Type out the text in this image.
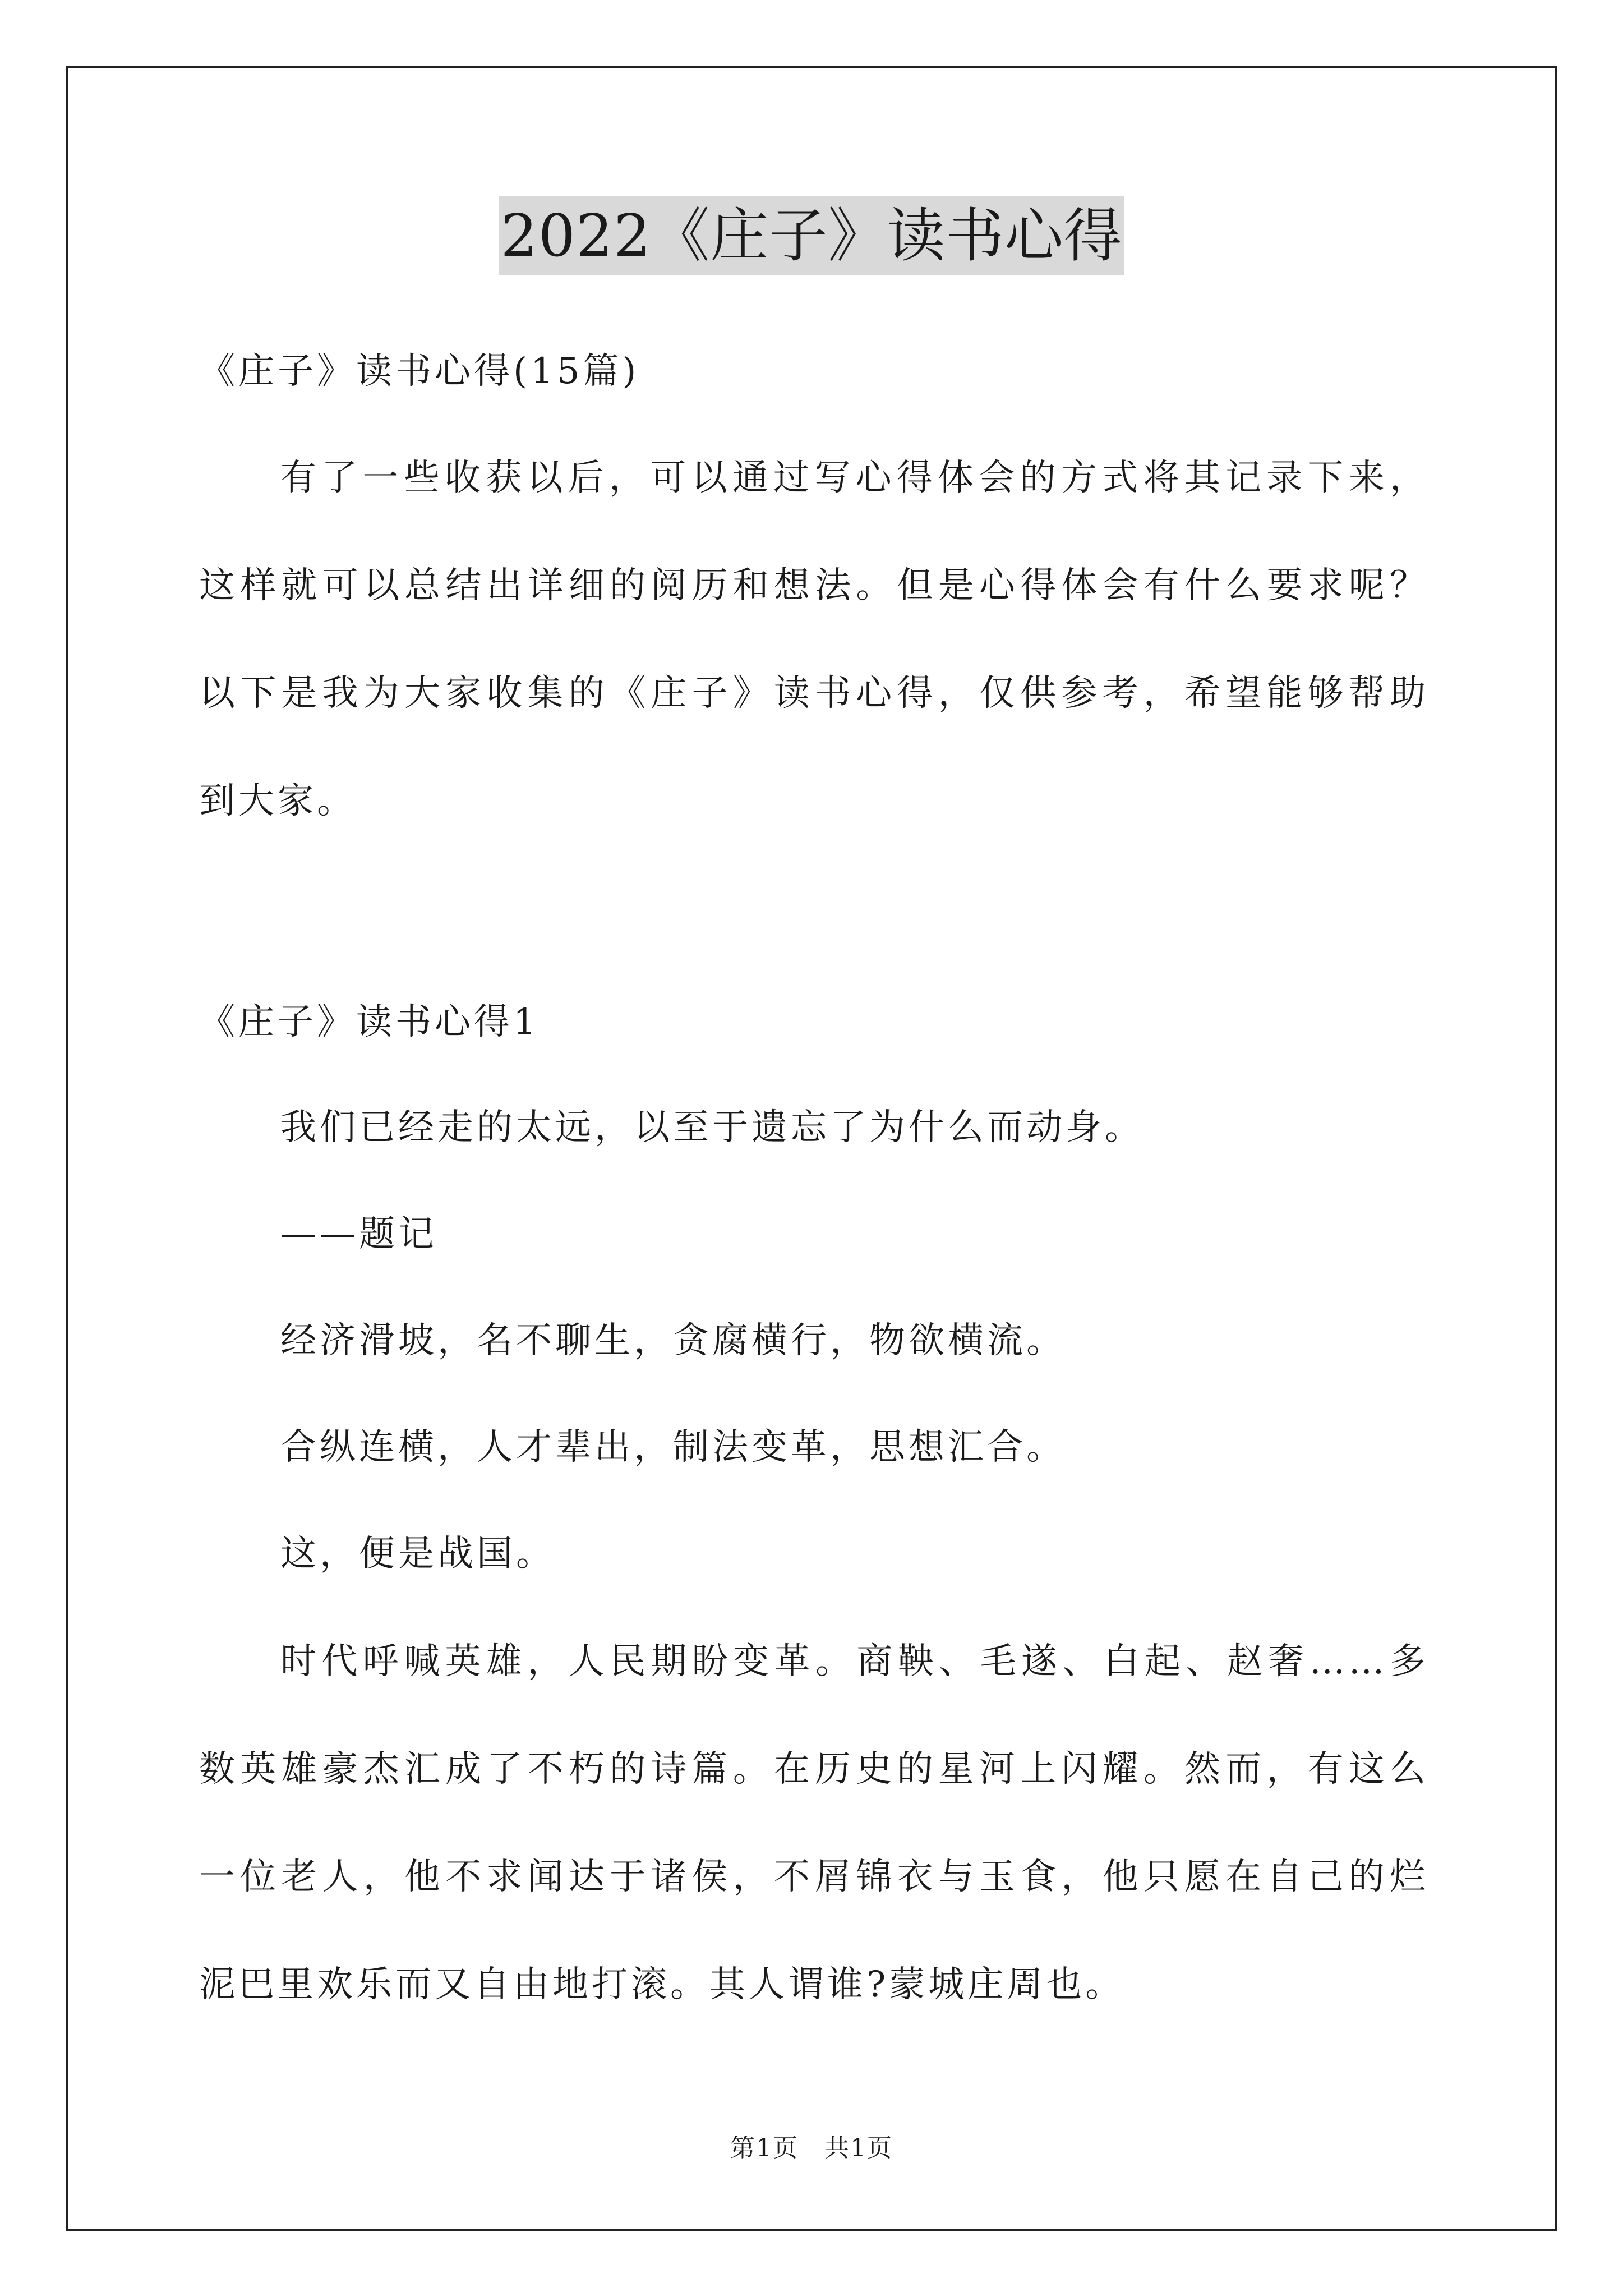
2022《庄子》读书心得
《庄子》读书心得(15篇)
有了一些收获以后，可以通过写心得体会的方式将其记录下来，
这样就可以总结出详细的阅历和想法。但是心得体会有什么要求呢？
以下是我为大家收集的《庄子》读书心得，仅供参考，希望能够帮助
到大家。
《庄子》读书心得1
我们已经走的太远，以至于遗忘了为什么而动身。
——题记
经济滑坡，名不聊生，贪腐横行，物欲横流。
合纵连横，人才辈出，制法变革，思想汇合。
这，便是战国。
时代呼喊英雄，人民期盼变革。商鞅、毛遂、白起、赵奢……多
数英雄豪杰汇成了不朽的诗篇。在历史的星河上闪耀。然而，有这么
一位老人，他不求闻达于诸侯，不屑锦衣与玉食，他只愿在自己的烂
泥巴里欢乐而又自由地打滚。其人谓谁?蒙城庄周也。
第1页　共1页
